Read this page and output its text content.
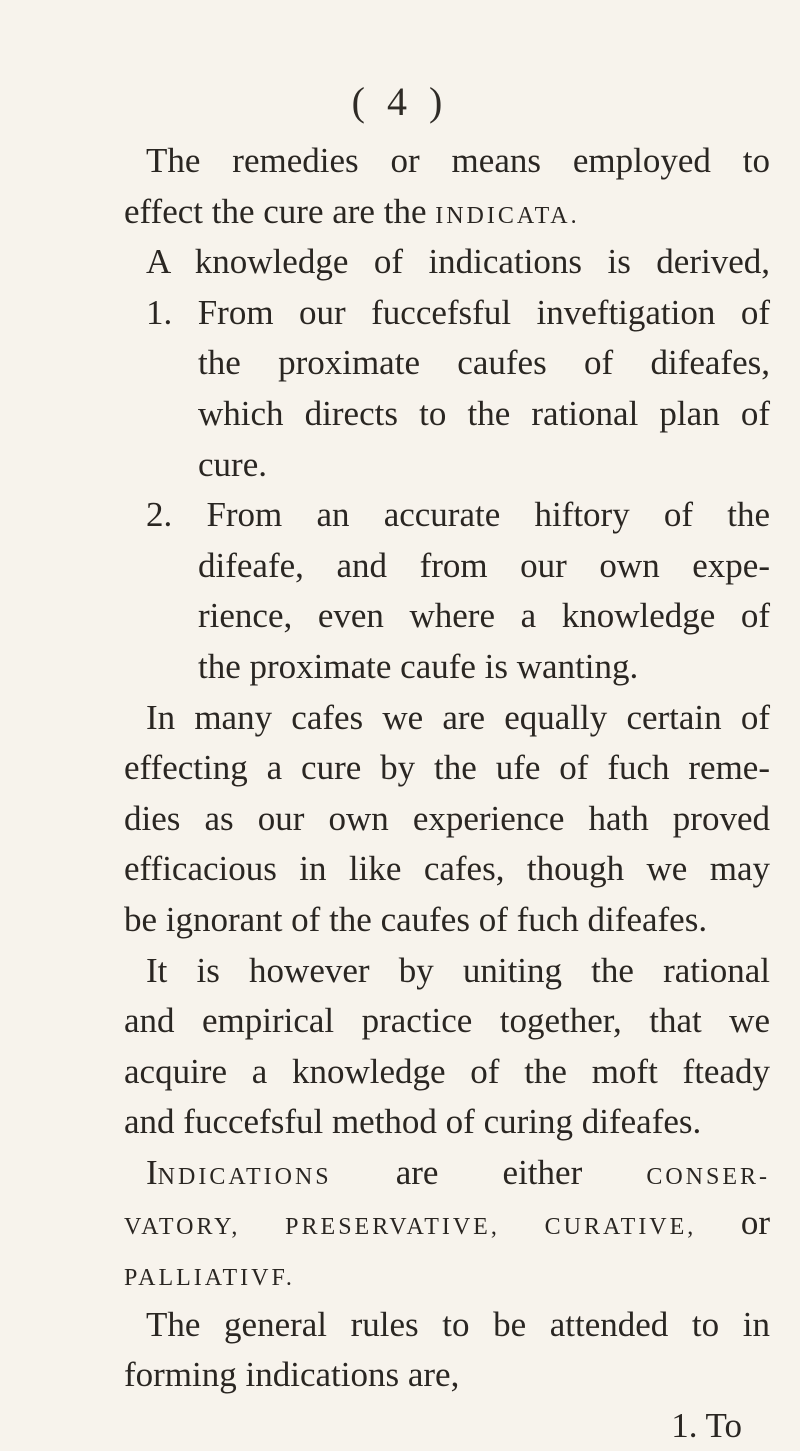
( 4 )
The remedies or means employed to
effect the cure are the INDICATA.
A knowledge of indications is derived,
1. From our fuccefsful inveftigation of
the proximate caufes of difeafes,
which directs to the rational plan of
cure.
2. From an accurate hiftory of the
difeafe, and from our own expe-
rience, even where a knowledge of
the proximate caufe is wanting.
In many cafes we are equally certain of
effecting a cure by the ufe of fuch reme-
dies as our own experience hath proved
efficacious in like cafes, though we may
be ignorant of the caufes of fuch difeafes.
It is however by uniting the rational
and empirical practice together, that we
acquire a knowledge of the moft fteady
and fuccefsful method of curing difeafes.
INDICATIONS are either CONSER-
VATORY, PRESERVATIVE, CURATIVE, or
PALLIATIVF.
The general rules to be attended to in
forming indications are,
1. To
